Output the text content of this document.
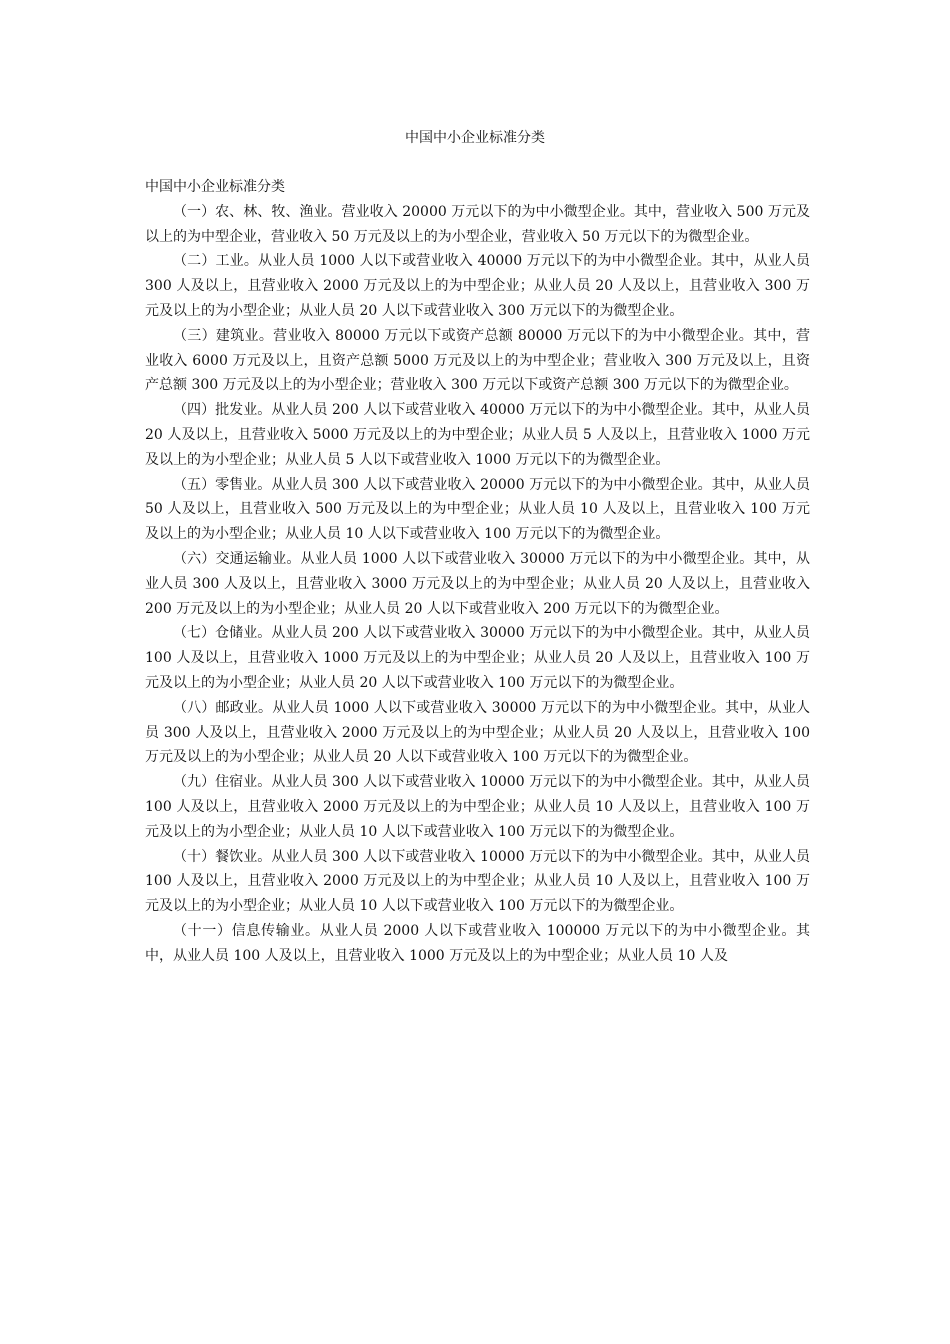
中国中小企业标准分类

中国中小企业标准分类

（一）农、林、牧、渔业。营业收入 20000 万元以下的为中小微型企业。其中，营业收入 500 万元及以上的为中型企业，营业收入 50 万元及以上的为小型企业，营业收入 50 万元以下的为微型企业。

（二）工业。从业人员 1000 人以下或营业收入 40000 万元以下的为中小微型企业。其中，从业人员 300 人及以上，且营业收入 2000 万元及以上的为中型企业；从业人员 20 人及以上，且营业收入 300 万元及以上的为小型企业；从业人员 20 人以下或营业收入 300 万元以下的为微型企业。

（三）建筑业。营业收入 80000 万元以下或资产总额 80000 万元以下的为中小微型企业。其中，营业收入 6000 万元及以上，且资产总额 5000 万元及以上的为中型企业；营业收入 300 万元及以上，且资产总额 300 万元及以上的为小型企业；营业收入 300 万元以下或资产总额 300 万元以下的为微型企业。

（四）批发业。从业人员 200 人以下或营业收入 40000 万元以下的为中小微型企业。其中，从业人员 20 人及以上，且营业收入 5000 万元及以上的为中型企业；从业人员 5 人及以上，且营业收入 1000 万元及以上的为小型企业；从业人员 5 人以下或营业收入 1000 万元以下的为微型企业。

（五）零售业。从业人员 300 人以下或营业收入 20000 万元以下的为中小微型企业。其中，从业人员 50 人及以上，且营业收入 500 万元及以上的为中型企业；从业人员 10 人及以上，且营业收入 100 万元及以上的为小型企业；从业人员 10 人以下或营业收入 100 万元以下的为微型企业。

（六）交通运输业。从业人员 1000 人以下或营业收入 30000 万元以下的为中小微型企业。其中，从业人员 300 人及以上，且营业收入 3000 万元及以上的为中型企业；从业人员 20 人及以上，且营业收入 200 万元及以上的为小型企业；从业人员 20 人以下或营业收入 200 万元以下的为微型企业。

（七）仓储业。从业人员 200 人以下或营业收入 30000 万元以下的为中小微型企业。其中，从业人员 100 人及以上，且营业收入 1000 万元及以上的为中型企业；从业人员 20 人及以上，且营业收入 100 万元及以上的为小型企业；从业人员 20 人以下或营业收入 100 万元以下的为微型企业。

（八）邮政业。从业人员 1000 人以下或营业收入 30000 万元以下的为中小微型企业。其中，从业人员 300 人及以上，且营业收入 2000 万元及以上的为中型企业；从业人员 20 人及以上，且营业收入 100 万元及以上的为小型企业；从业人员 20 人以下或营业收入 100 万元以下的为微型企业。

（九）住宿业。从业人员 300 人以下或营业收入 10000 万元以下的为中小微型企业。其中，从业人员 100 人及以上，且营业收入 2000 万元及以上的为中型企业；从业人员 10 人及以上，且营业收入 100 万元及以上的为小型企业；从业人员 10 人以下或营业收入 100 万元以下的为微型企业。

（十）餐饮业。从业人员 300 人以下或营业收入 10000 万元以下的为中小微型企业。其中，从业人员 100 人及以上，且营业收入 2000 万元及以上的为中型企业；从业人员 10 人及以上，且营业收入 100 万元及以上的为小型企业；从业人员 10 人以下或营业收入 100 万元以下的为微型企业。

（十一）信息传输业。从业人员 2000 人以下或营业收入 100000 万元以下的为中小微型企业。其中，从业人员 100 人及以上，且营业收入 1000 万元及以上的为中型企业；从业人员 10 人及
